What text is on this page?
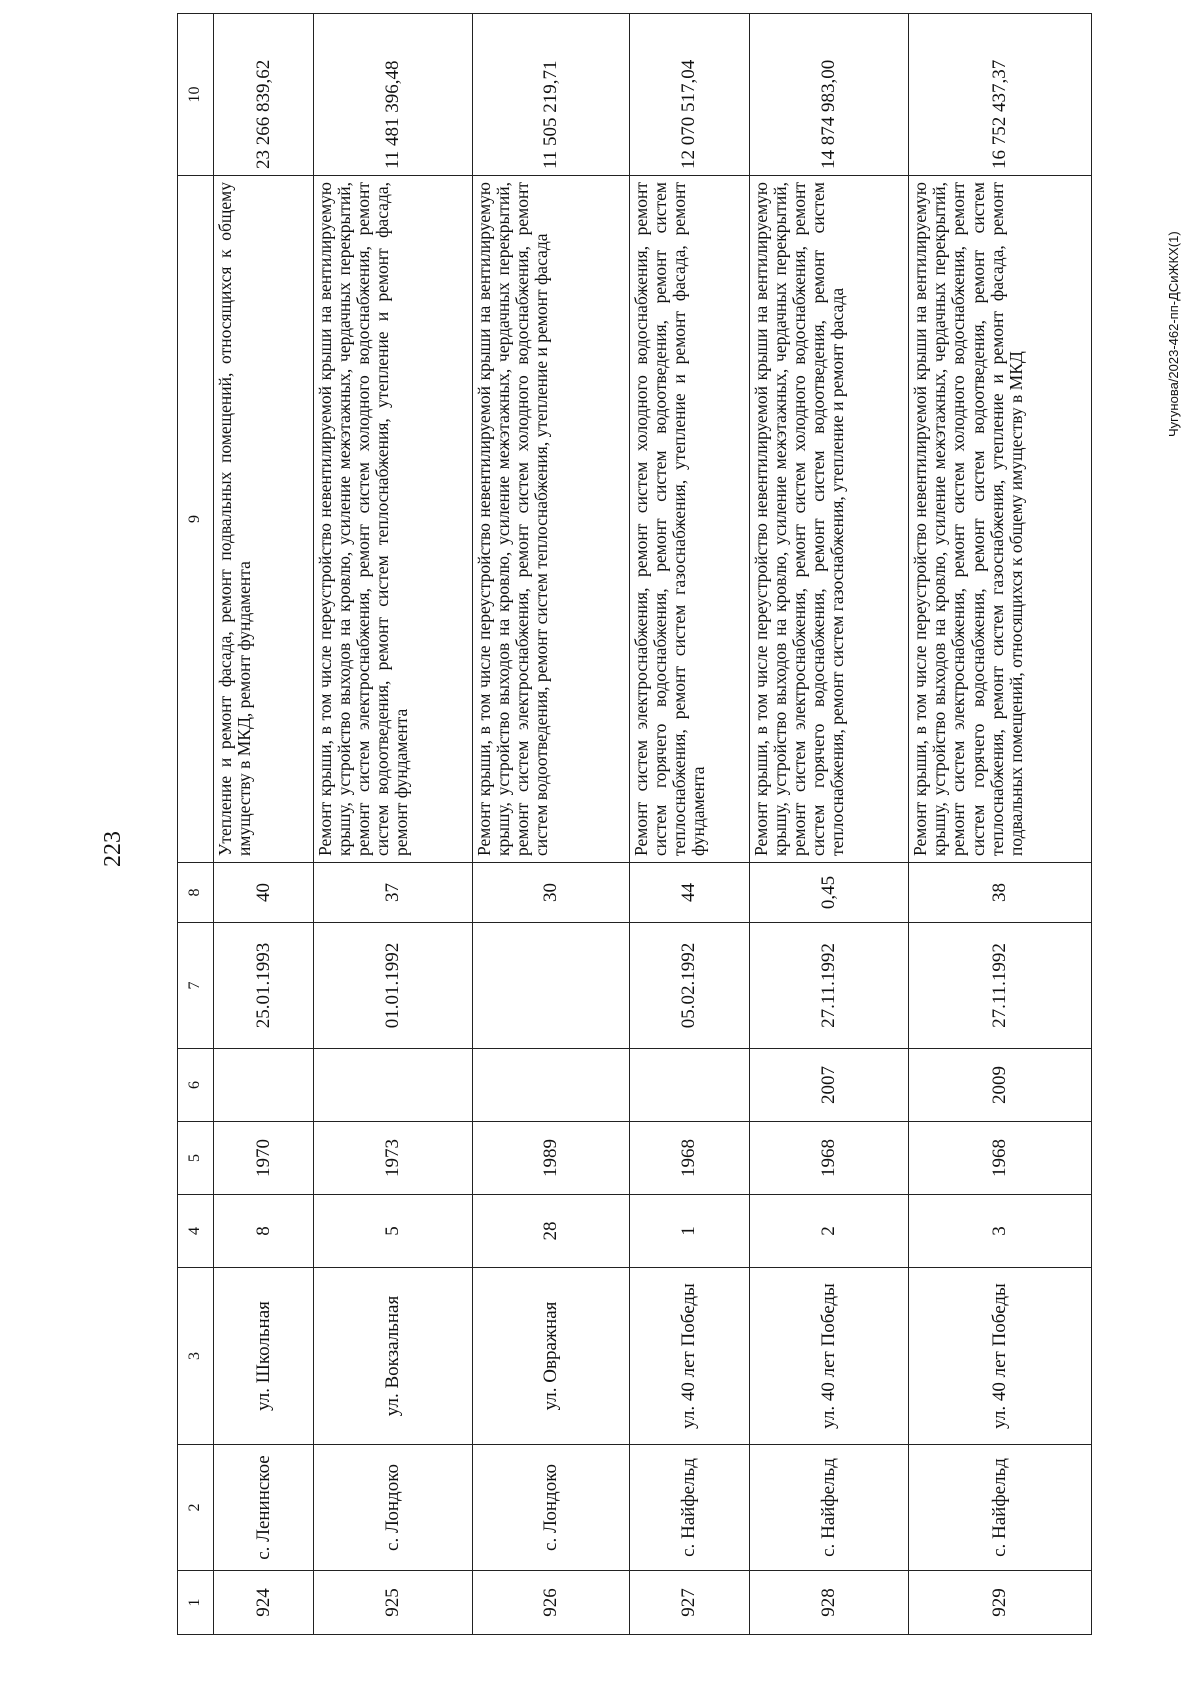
223
1	2	3	4	5	6	7	8	9	10
924	с. Ленинское	ул. Школьная	8	1970		25.01.1993	40	Утепление и ремонт фасада, ремонт подвальных помещений, относящихся к общему имуществу в МКД, ремонт фундамента	23 266 839,62
925	с. Лондоко	ул. Вокзальная	5	1973		01.01.1992	37	Ремонт крыши, в том числе переустройство невентилируемой крыши на вентилируемую крышу, устройство выходов на кровлю, усиление межэтажных, чердачных перекрытий, ремонт систем электроснабжения, ремонт систем холодного водоснабжения, ремонт систем водоотведения, ремонт систем теплоснабжения, утепление и ремонт фасада, ремонт фундамента	11 481 396,48
926	с. Лондоко	ул. Овражная	28	1989			30	Ремонт крыши, в том числе переустройство невентилируемой крыши на вентилируемую крышу, устройство выходов на кровлю, усиление межэтажных, чердачных перекрытий, ремонт систем электроснабжения, ремонт систем холодного водоснабжения, ремонт систем водоотведения, ремонт систем теплоснабжения, утепление и ремонт фасада	11 505 219,71
927	с. Найфельд	ул. 40 лет Победы	1	1968		05.02.1992	44	Ремонт систем электроснабжения, ремонт систем холодного водоснабжения, ремонт систем горячего водоснабжения, ремонт систем водоотведения, ремонт систем теплоснабжения, ремонт систем газоснабжения, утепление и ремонт фасада, ремонт фундамента	12 070 517,04
928	с. Найфельд	ул. 40 лет Победы	2	1968	2007	27.11.1992	0,45	Ремонт крыши, в том числе переустройство невентилируемой крыши на вентилируемую крышу, устройство выходов на кровлю, усиление межэтажных, чердачных перекрытий, ремонт систем электроснабжения, ремонт систем холодного водоснабжения, ремонт систем горячего водоснабжения, ремонт систем водоотведения, ремонт систем теплоснабжения, ремонт систем газоснабжения, утепление и ремонт фасада	14 874 983,00
929	с. Найфельд	ул. 40 лет Победы	3	1968	2009	27.11.1992	38	Ремонт крыши, в том числе переустройство невентилируемой крыши на вентилируемую крышу, устройство выходов на кровлю, усиление межэтажных, чердачных перекрытий, ремонт систем электроснабжения, ремонт систем холодного водоснабжения, ремонт систем горячего водоснабжения, ремонт систем водоотведения, ремонт систем теплоснабжения, ремонт систем газоснабжения, утепление и ремонт фасада, ремонт подвальных помещений, относящихся к общему имуществу в МКД	16 752 437,37
Чугунова/2023-462-пп-ДСиЖКХ(1)
